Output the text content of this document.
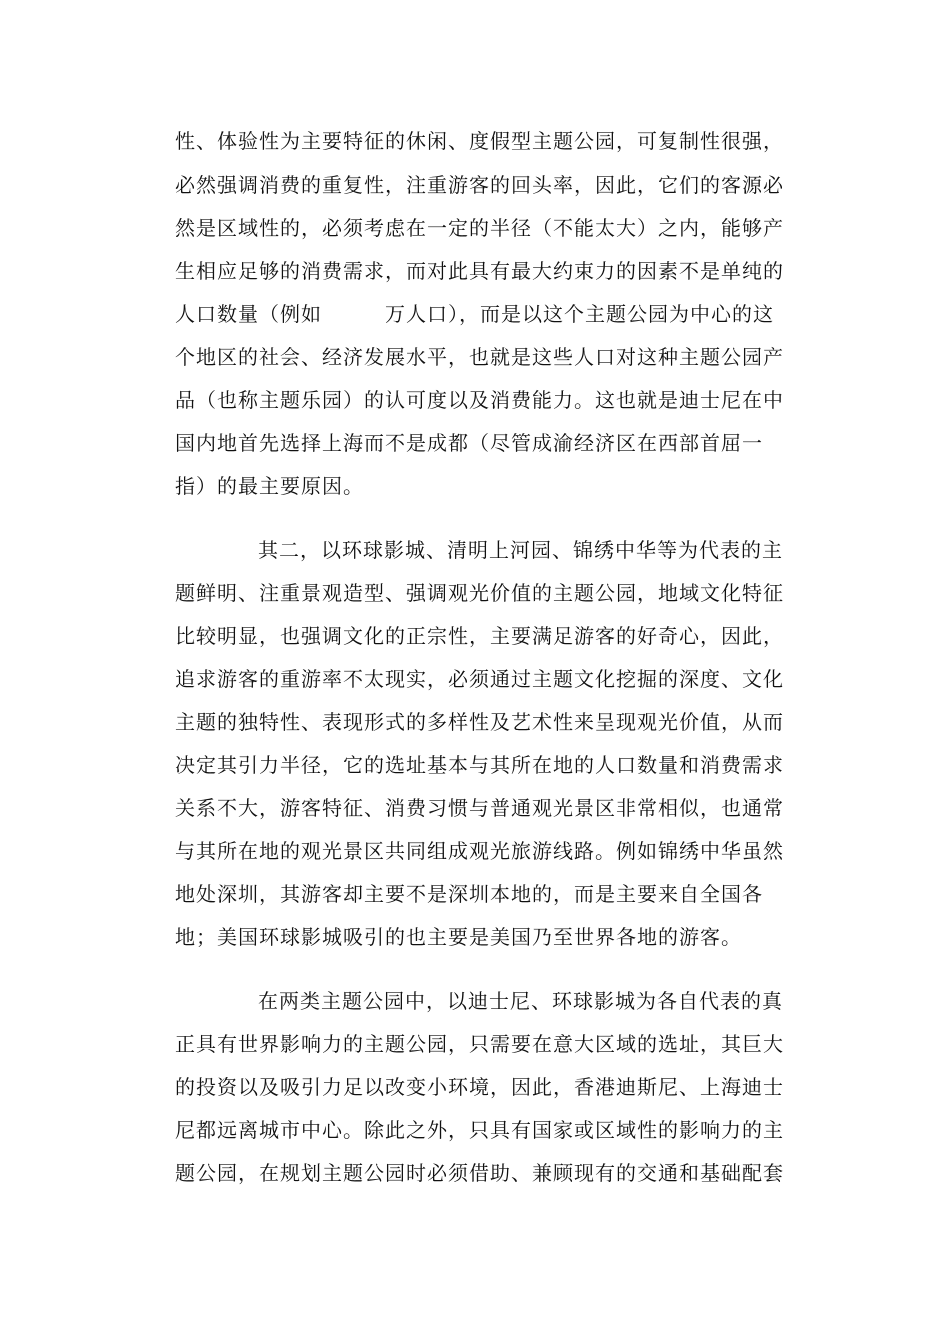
性、体验性为主要特征的休闲、度假型主题公园，可复制性很强，
必然强调消费的重复性，注重游客的回头率，因此，它们的客源必
然是区域性的，必须考虑在一定的半径（不能太大）之内，能够产
生相应足够的消费需求，而对此具有最大约束力的因素不是单纯的
人口数量（例如　　　万人口），而是以这个主题公园为中心的这
个地区的社会、经济发展水平，也就是这些人口对这种主题公园产
品（也称主题乐园）的认可度以及消费能力。这也就是迪士尼在中
国内地首先选择上海而不是成都（尽管成渝经济区在西部首屈一
指）的最主要原因。
其二，以环球影城、清明上河园、锦绣中华等为代表的主
题鲜明、注重景观造型、强调观光价值的主题公园，地域文化特征
比较明显，也强调文化的正宗性，主要满足游客的好奇心，因此，
追求游客的重游率不太现实，必须通过主题文化挖掘的深度、文化
主题的独特性、表现形式的多样性及艺术性来呈现观光价值，从而
决定其引力半径，它的选址基本与其所在地的人口数量和消费需求
关系不大，游客特征、消费习惯与普通观光景区非常相似，也通常
与其所在地的观光景区共同组成观光旅游线路。例如锦绣中华虽然
地处深圳，其游客却主要不是深圳本地的，而是主要来自全国各
地；美国环球影城吸引的也主要是美国乃至世界各地的游客。
在两类主题公园中，以迪士尼、环球影城为各自代表的真
正具有世界影响力的主题公园，只需要在意大区域的选址，其巨大
的投资以及吸引力足以改变小环境，因此，香港迪斯尼、上海迪士
尼都远离城市中心。除此之外，只具有国家或区域性的影响力的主
题公园，在规划主题公园时必须借助、兼顾现有的交通和基础配套
